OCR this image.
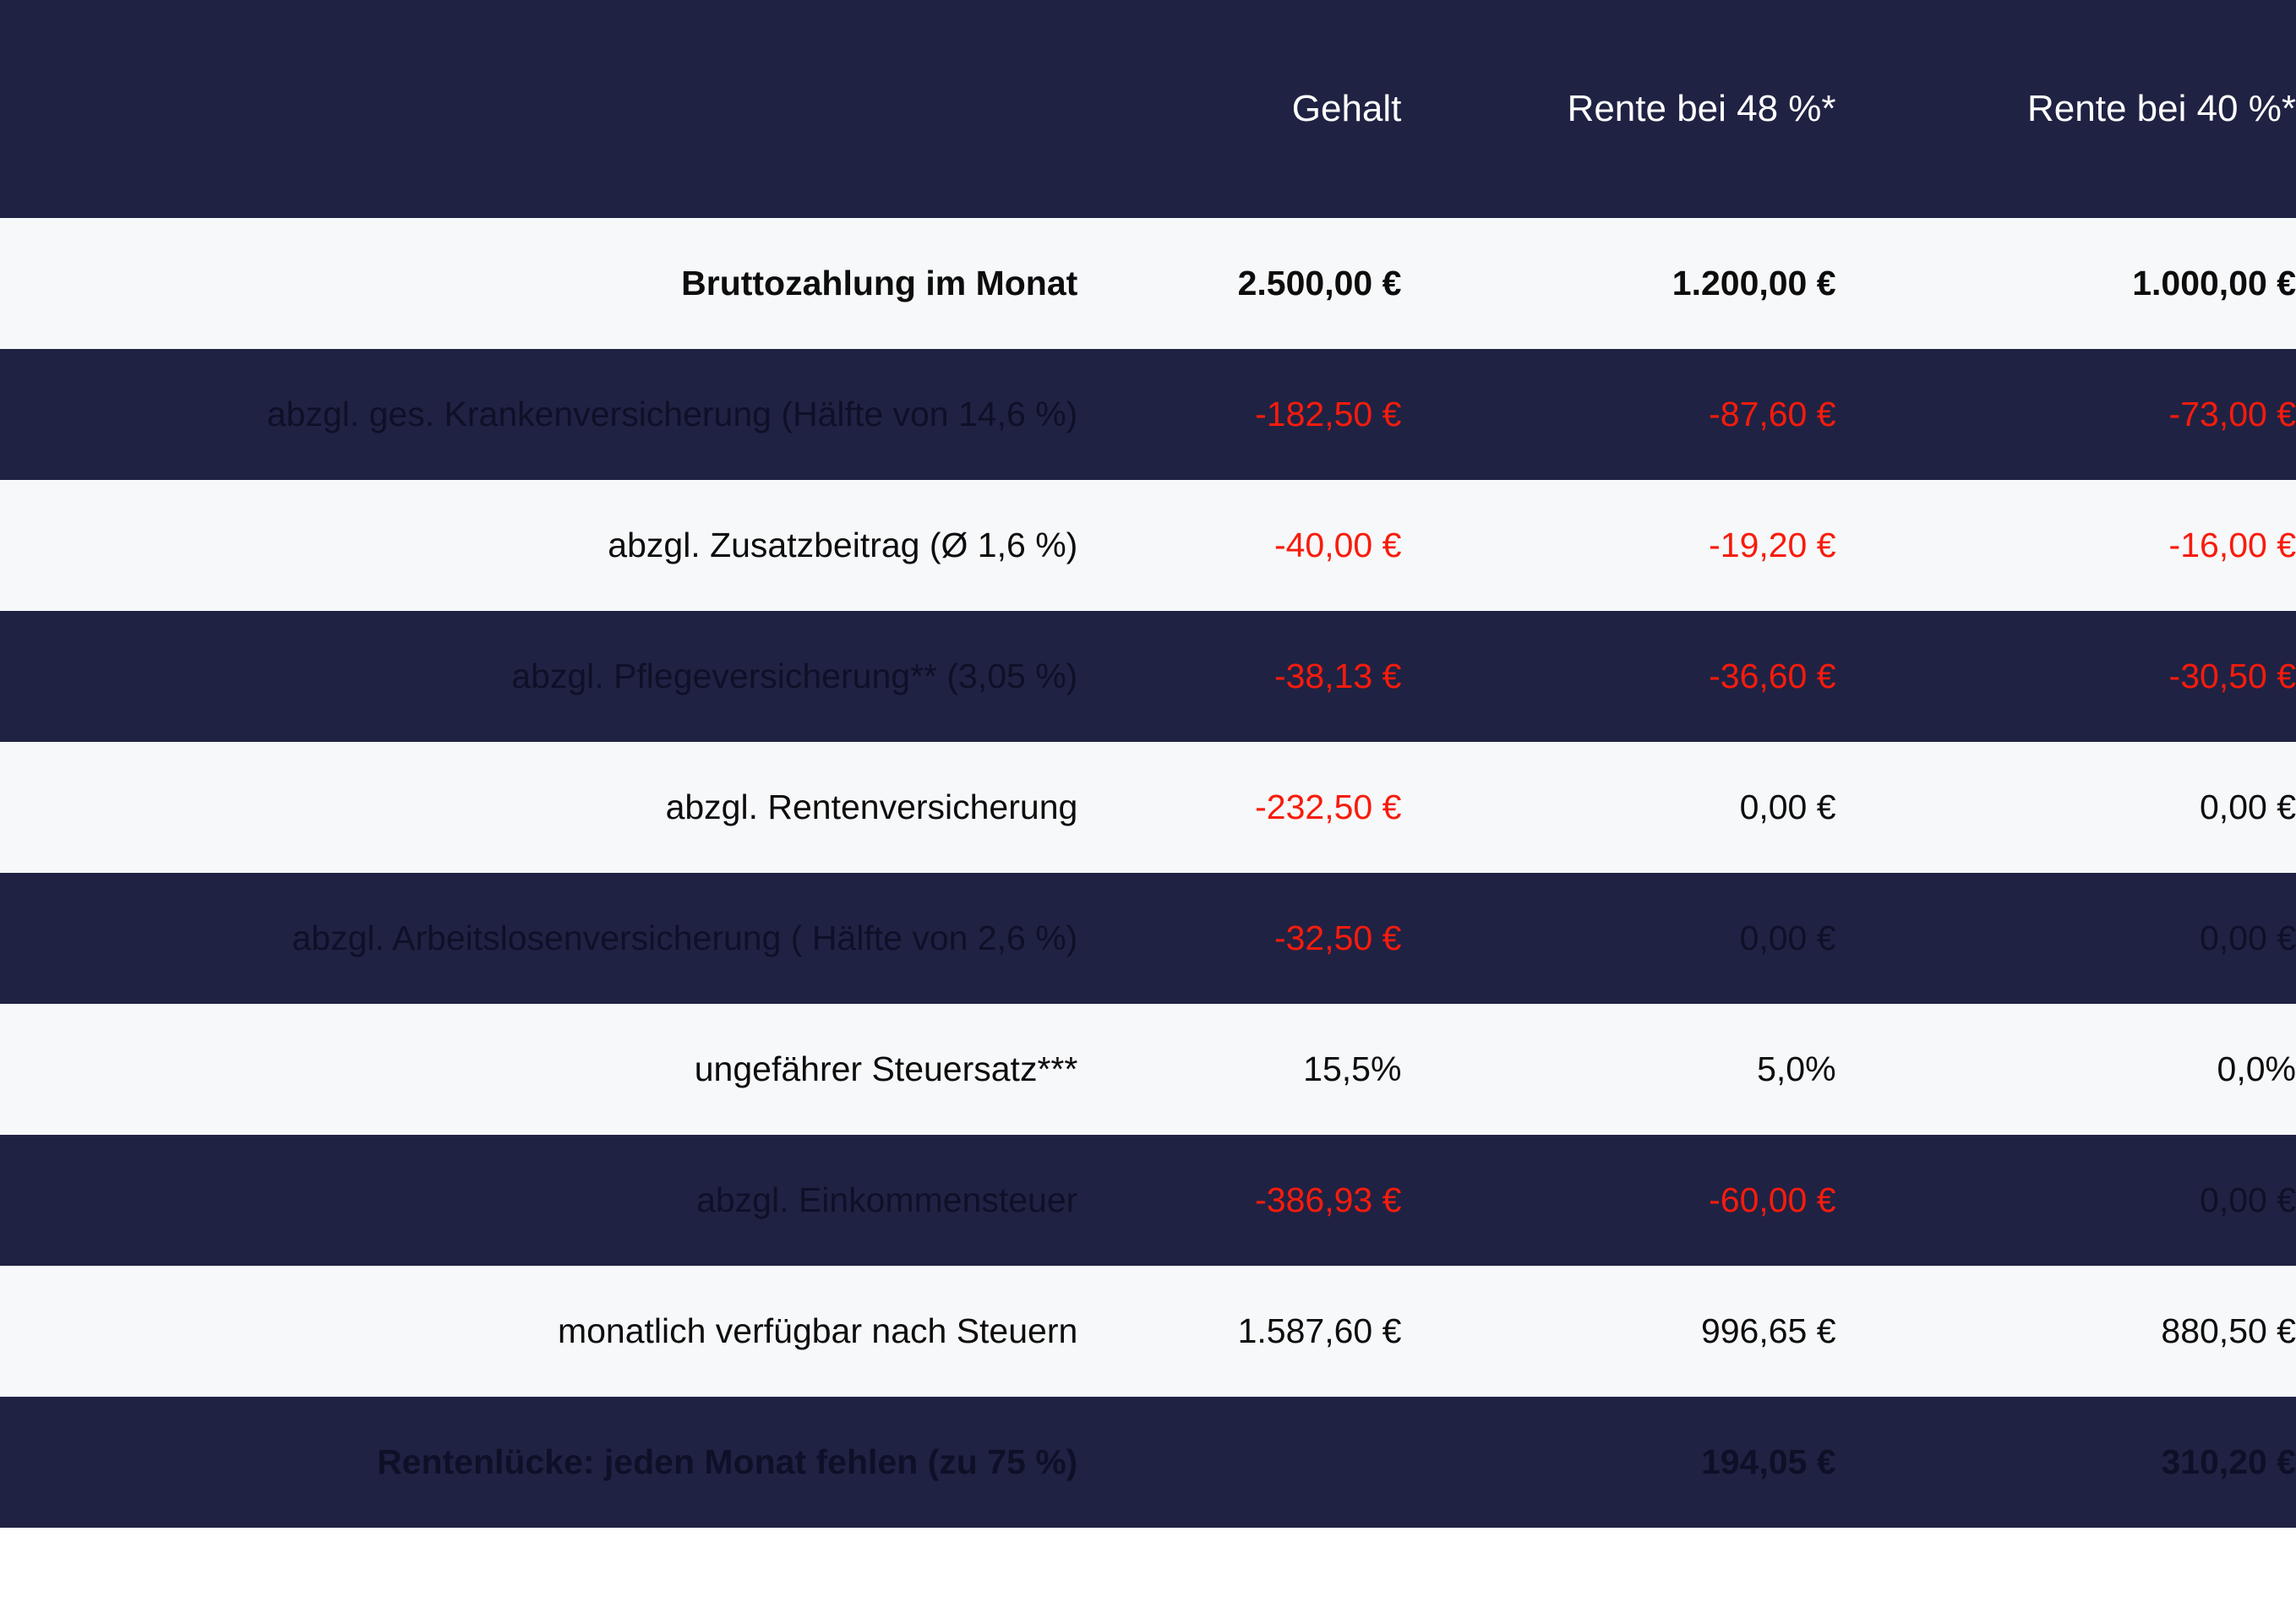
	Gehalt	Rente bei 48 %*	Rente bei 40 %*
Bruttozahlung im Monat	2.500,00 €	1.200,00 €	1.000,00 €
abzgl. ges. Krankenversicherung (Hälfte von 14,6 %)	-182,50 €	-87,60 €	-73,00 €
abzgl. Zusatzbeitrag (Ø 1,6 %)	-40,00 €	-19,20 €	-16,00 €
abzgl. Pflegeversicherung** (3,05 %)	-38,13 €	-36,60 €	-30,50 €
abzgl. Rentenversicherung	-232,50 €	0,00 €	0,00 €
abzgl. Arbeitslosenversicherung ( Hälfte von 2,6 %)	-32,50 €	0,00 €	0,00 €
ungefährer Steuersatz***	15,5%	5,0%	0,0%
abzgl. Einkommensteuer	-386,93 €	-60,00 €	0,00 €
monatlich verfügbar nach Steuern	1.587,60 €	996,65 €	880,50 €
Rentenlücke: jeden Monat fehlen (zu 75 %)		194,05 €	310,20 €
